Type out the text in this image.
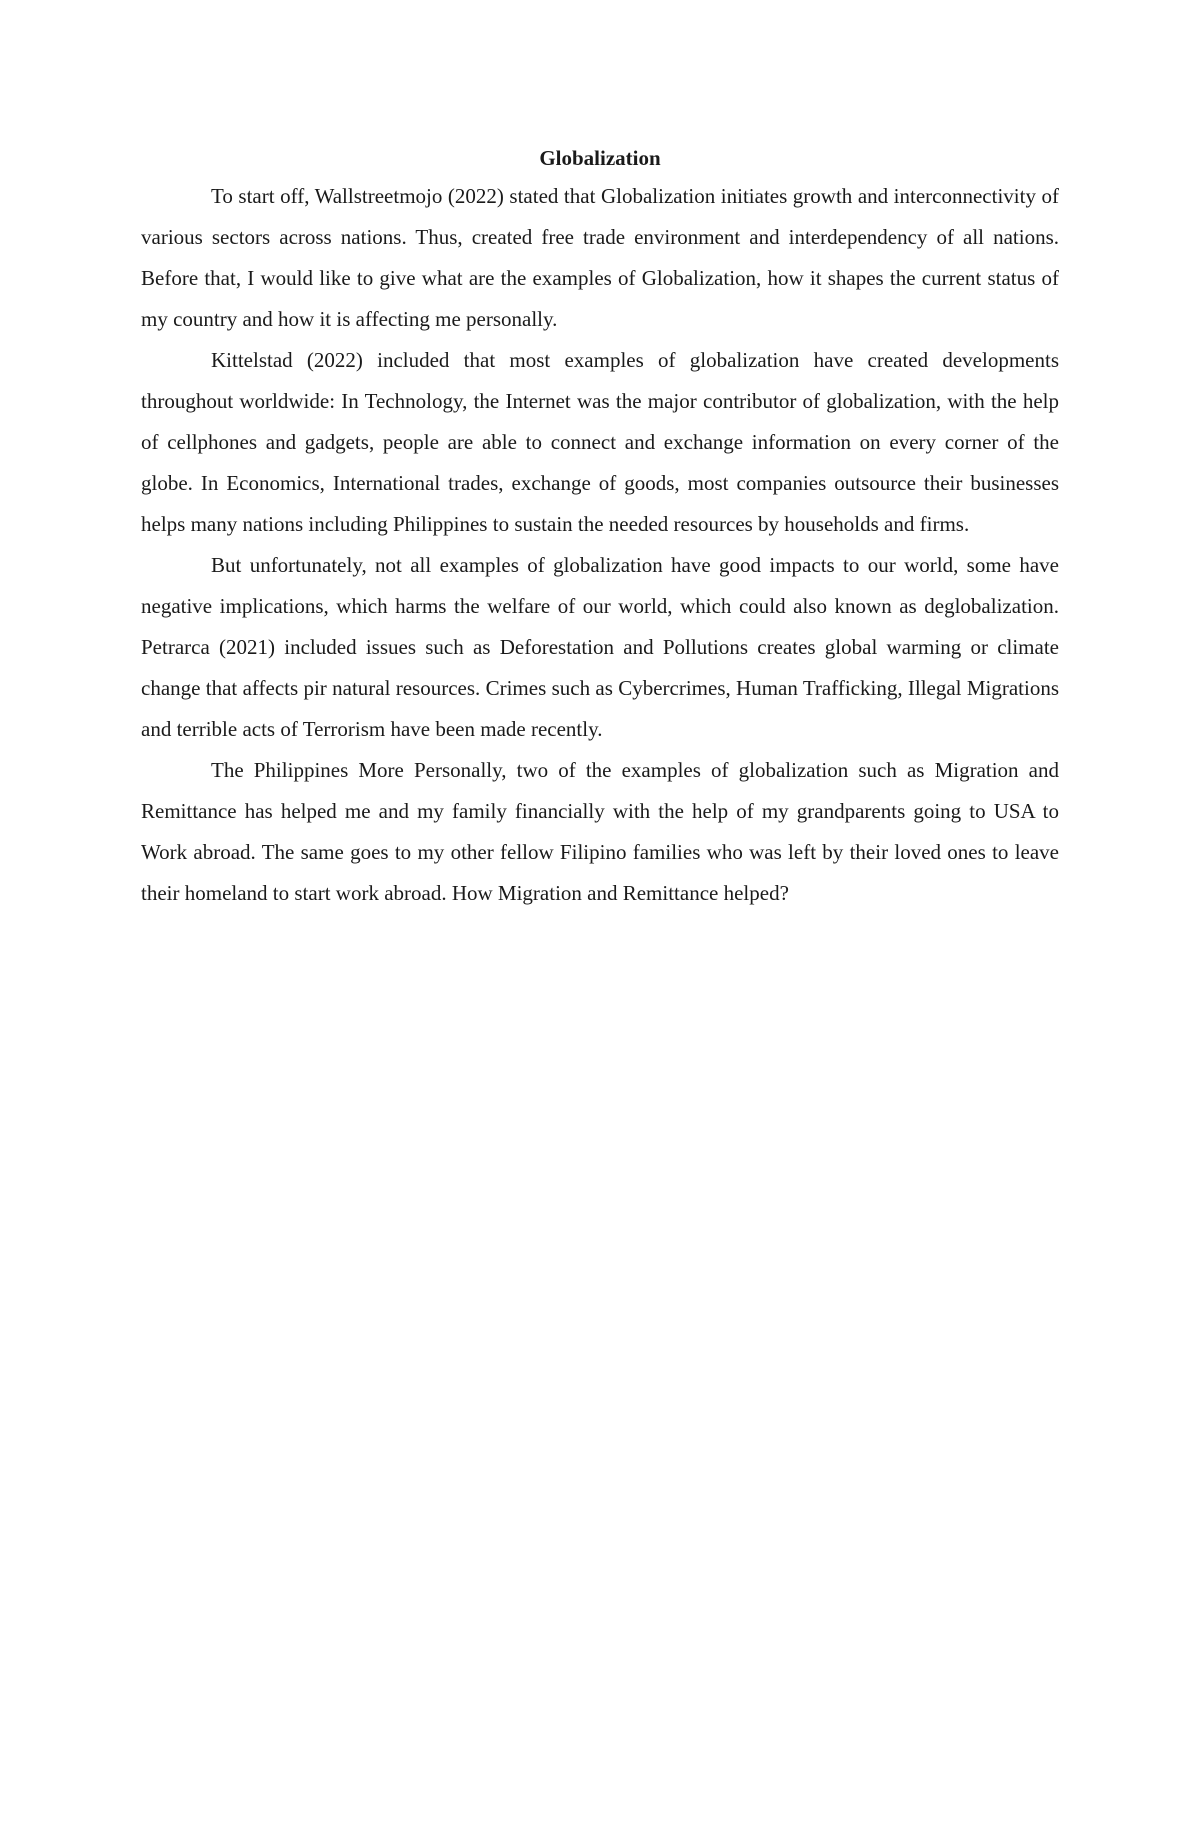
Globalization

To start off, Wallstreetmojo (2022) stated that Globalization initiates growth and interconnectivity of various sectors across nations. Thus, created free trade environment and interdependency of all nations. Before that, I would like to give what are the examples of Globalization, how it shapes the current status of my country and how it is affecting me personally.

Kittelstad (2022) included that most examples of globalization have created developments throughout worldwide: In Technology, the Internet was the major contributor of globalization, with the help of cellphones and gadgets, people are able to connect and exchange information on every corner of the globe. In Economics, International trades, exchange of goods, most companies outsource their businesses helps many nations including Philippines to sustain the needed resources by households and firms.

But unfortunately, not all examples of globalization have good impacts to our world, some have negative implications, which harms the welfare of our world, which could also known as deglobalization. Petrarca (2021) included issues such as Deforestation and Pollutions creates global warming or climate change that affects pir natural resources. Crimes such as Cybercrimes, Human Trafficking, Illegal Migrations and terrible acts of Terrorism have been made recently.

The Philippines More Personally, two of the examples of globalization such as Migration and Remittance has helped me and my family financially with the help of my grandparents going to USA to Work abroad. The same goes to my other fellow Filipino families who was left by their loved ones to leave their homeland to start work abroad. How Migration and Remittance helped?
